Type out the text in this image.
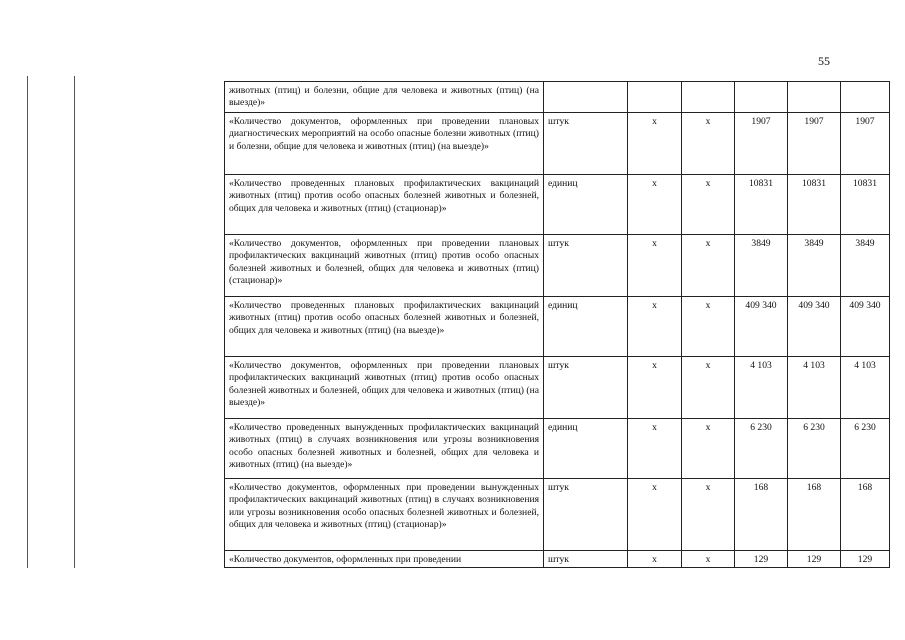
55
животных (птиц) и болезни, общие для человека и животных (птиц) (на выезде)»						
«Количество документов, оформленных при проведении плановых диагностических мероприятий на особо опасные болезни животных (птиц) и болезни, общие для человека и животных (птиц) (на выезде)»	штук	х	х	1907	1907	1907
«Количество проведенных плановых профилактических вакцинаций животных (птиц) против особо опасных болезней животных и болезней, общих для человека и животных (птиц) (стационар)»	единиц	х	х	10831	10831	10831
«Количество документов, оформленных при проведении плановых профилактических вакцинаций животных (птиц) против особо опасных болезней животных и болезней, общих для человека и животных (птиц) (стационар)»	штук	х	х	3849	3849	3849
«Количество проведенных плановых профилактических вакцинаций животных (птиц) против особо опасных болезней животных и болезней, общих для человека и животных (птиц) (на выезде)»	единиц	х	х	409 340	409 340	409 340
«Количество документов, оформленных при проведении плановых профилактических вакцинаций животных (птиц) против особо опасных болезней животных и болезней, общих для человека и животных (птиц) (на выезде)»	штук	х	х	4 103	4 103	4 103
«Количество проведенных вынужденных профилактических вакцинаций животных (птиц) в случаях возникновения или угрозы возникновения особо опасных болезней животных и болезней, общих для человека и животных (птиц) (на выезде)»	единиц	х	х	6 230	6 230	6 230
«Количество документов, оформленных при проведении вынужденных профилактических вакцинаций животных (птиц) в случаях возникновения или угрозы возникновения особо опасных болезней животных и болезней, общих для человека и животных (птиц) (стационар)»	штук	х	х	168	168	168
«Количество документов, оформленных при проведении	штук	х	х	129	129	129
